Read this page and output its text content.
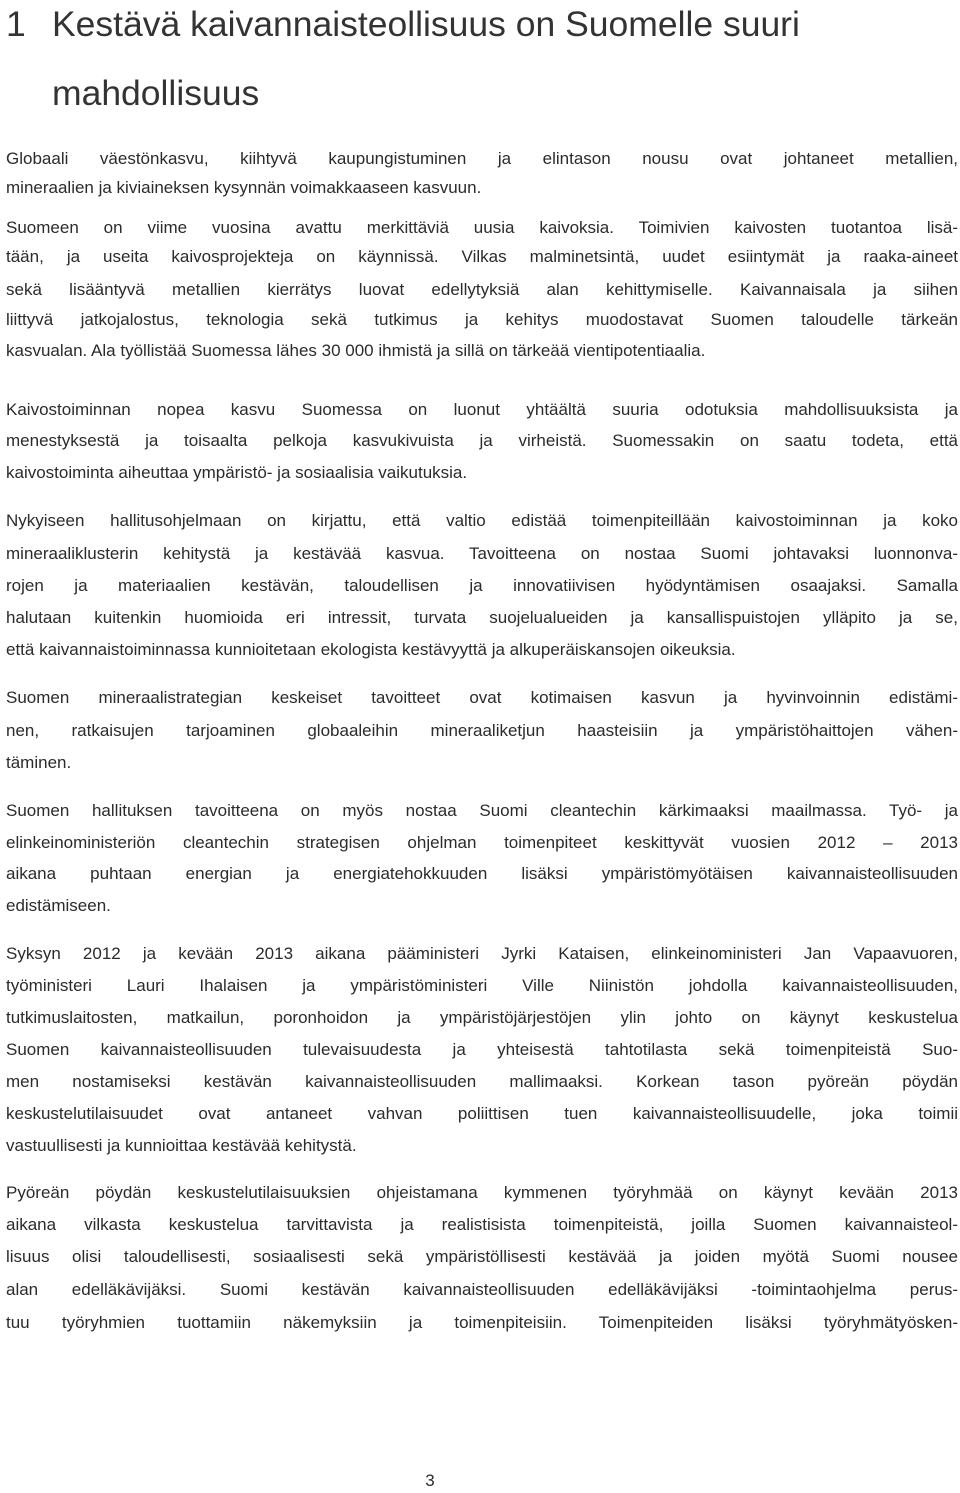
1 Kestävä kaivannaisteollisuus on Suomelle suuri
mahdollisuus
Globaali väestönkasvu, kiihtyvä kaupungistuminen ja elintason nousu ovat johtaneet metallien,
mineraalien ja kiviaineksen kysynnän voimakkaaseen kasvuun.
Suomeen on viime vuosina avattu merkittäviä uusia kaivoksia. Toimivien kaivosten tuotantoa lisä-
tään, ja useita kaivosprojekteja on käynnissä. Vilkas malminetsintä, uudet esiintymät ja raaka-aineet
sekä lisääntyvä metallien kierrätys luovat edellytyksiä alan kehittymiselle. Kaivannaisala ja siihen
liittyvä jatkojalostus, teknologia sekä tutkimus ja kehitys muodostavat Suomen taloudelle tärkeän
kasvualan. Ala työllistää Suomessa lähes 30 000 ihmistä ja sillä on tärkeää vientipotentiaalia.
Kaivostoiminnan nopea kasvu Suomessa on luonut yhtäältä suuria odotuksia mahdollisuuksista ja
menestyksestä ja toisaalta pelkoja kasvukivuista ja virheistä. Suomessakin on saatu todeta, että
kaivostoiminta aiheuttaa ympäristö- ja sosiaalisia vaikutuksia.
Nykyiseen hallitusohjelmaan on kirjattu, että valtio edistää toimenpiteillään kaivostoiminnan ja koko
mineraaliklusterin kehitystä ja kestävää kasvua. Tavoitteena on nostaa Suomi johtavaksi luonnonva-
rojen ja materiaalien kestävän, taloudellisen ja innovatiivisen hyödyntämisen osaajaksi. Samalla
halutaan kuitenkin huomioida eri intressit, turvata suojelualueiden ja kansallispuistojen ylläpito ja se,
että kaivannaistoiminnassa kunnioitetaan ekologista kestävyyttä ja alkuperäiskansojen oikeuksia.
Suomen mineraalistrategian keskeiset tavoitteet ovat kotimaisen kasvun ja hyvinvoinnin edistämi-
nen, ratkaisujen tarjoaminen globaaleihin mineraaliketjun haasteisiin ja ympäristöhaittojen vähen-
täminen.
Suomen hallituksen tavoitteena on myös nostaa Suomi cleantechin kärkimaaksi maailmassa. Työ- ja
elinkeinoministeriön cleantechin strategisen ohjelman toimenpiteet keskittyvät vuosien 2012 – 2013
aikana puhtaan energian ja energiatehokkuuden lisäksi ympäristömyötäisen kaivannaisteollisuuden
edistämiseen.
Syksyn 2012 ja kevään 2013 aikana pääministeri Jyrki Kataisen, elinkeinoministeri Jan Vapaavuoren,
työministeri Lauri Ihalaisen ja ympäristöministeri Ville Niinistön johdolla kaivannaisteollisuuden,
tutkimuslaitosten, matkailun, poronhoidon ja ympäristöjärjestöjen ylin johto on käynyt keskustelua
Suomen kaivannaisteollisuuden tulevaisuudesta ja yhteisestä tahtotilasta sekä toimenpiteistä Suo-
men nostamiseksi kestävän kaivannaisteollisuuden mallimaaksi. Korkean tason pyöreän pöydän
keskustelutilaisuudet ovat antaneet vahvan poliittisen tuen kaivannaisteollisuudelle, joka toimii
vastuullisesti ja kunnioittaa kestävää kehitystä.
Pyöreän pöydän keskustelutilaisuuksien ohjeistamana kymmenen työryhmää on käynyt kevään 2013
aikana vilkasta keskustelua tarvittavista ja realistisista toimenpiteistä, joilla Suomen kaivannaisteol-
lisuus olisi taloudellisesti, sosiaalisesti sekä ympäristöllisesti kestävää ja joiden myötä Suomi nousee
alan edelläkävijäksi. Suomi kestävän kaivannaisteollisuuden edelläkävijäksi -toimintaohjelma perus-
tuu työryhmien tuottamiin näkemyksiin ja toimenpiteisiin. Toimenpiteiden lisäksi työryhmätyösken-
3
